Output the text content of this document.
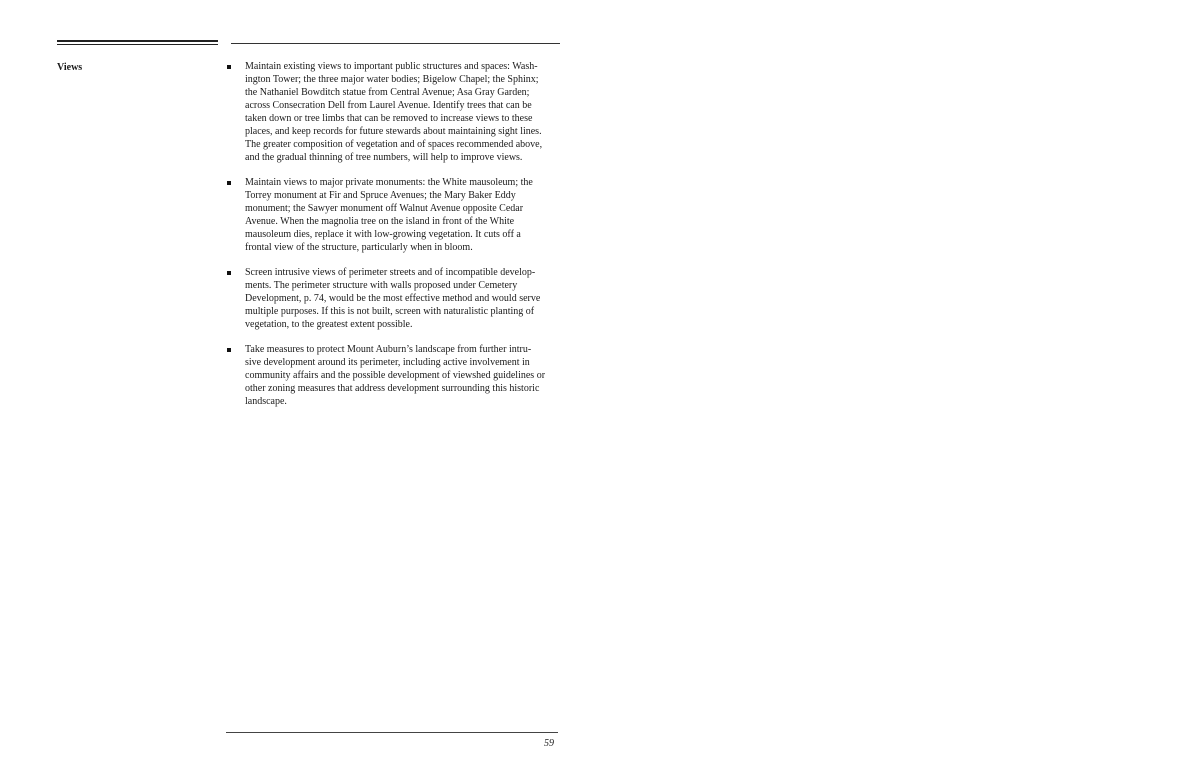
Views	Maintain existing views to important public structures and spaces: Wash-
ington Tower; the three major water bodies; Bigelow Chapel; the Sphinx;
the Nathaniel Bowditch statue from Central Avenue; Asa Gray Garden;
across Consecration Dell from Laurel Avenue. Identify trees that can be
taken down or tree limbs that can be removed to increase views to these
places, and keep records for future stewards about maintaining sight lines.
The greater composition of vegetation and of spaces recommended above,
and the gradual thinning of tree numbers, will help to improve views.
Maintain views to major private monuments: the White mausoleum; the
Torrey monument at Fir and Spruce Avenues; the Mary Baker Eddy
monument; the Sawyer monument off Walnut Avenue opposite Cedar
Avenue. When the magnolia tree on the island in front of the White
mausoleum dies, replace it with low-growing vegetation. It cuts off a
frontal view of the structure, particularly when in bloom.
Screen intrusive views of perimeter streets and of incompatible develop-
ments. The perimeter structure with walls proposed under Cemetery
Development, p. 74, would be the most effective method and would serve
multiple purposes. If this is not built, screen with naturalistic planting of
vegetation, to the greatest extent possible.
Take measures to protect Mount Auburn’s landscape from further intru-
sive development around its perimeter, including active involvement in
community affairs and the possible development of viewshed guidelines or
other zoning measures that address development surrounding this historic
landscape.
59
